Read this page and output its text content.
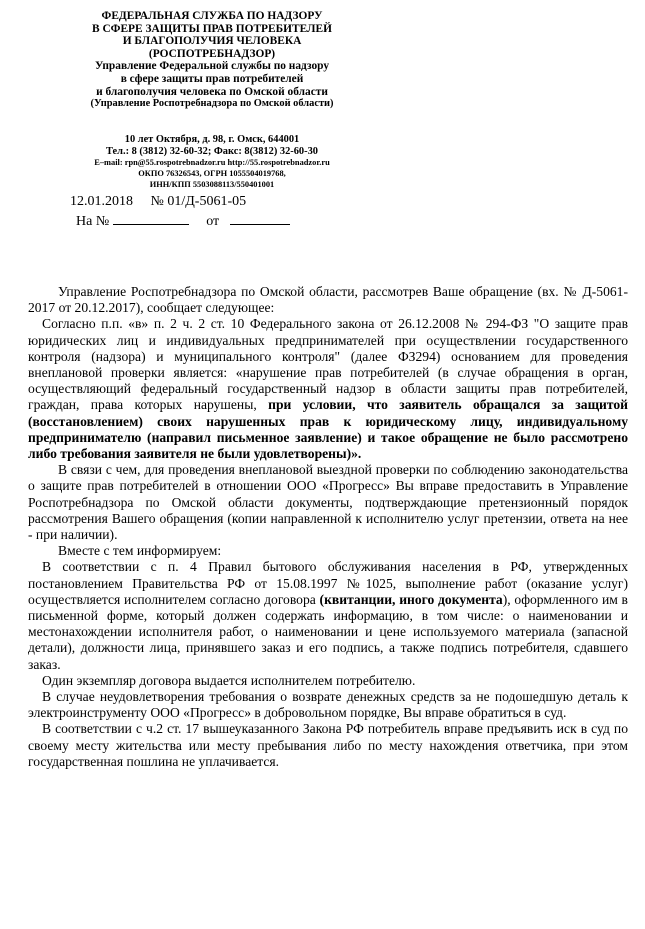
ФЕДЕРАЛЬНАЯ СЛУЖБА ПО НАДЗОРУ
В СФЕРЕ ЗАЩИТЫ ПРАВ ПОТРЕБИТЕЛЕЙ
И БЛАГОПОЛУЧИЯ ЧЕЛОВЕКА
(РОСПОТРЕБНАДЗОР)
Управление Федеральной службы по надзору
в сфере защиты прав потребителей
и благополучия человека по Омской области
(Управление Роспотребнадзора по Омской области)
10 лет Октября, д. 98, г. Омск, 644001
Тел.: 8 (3812) 32-60-32; Факс: 8(3812) 32-60-30
E–mail: rpn@55.rospotrebnadzor.ru http://55.rospotrebnadzor.ru
ОКПО 76326543, ОГРН 1055504019768,
ИНН/КПП 5503088113/550401001
12.01.2018 № 01/Д-5061-05
На №	от

Управление Роспотребнадзора по Омской области, рассмотрев Ваше обращение (вх. № Д-5061-2017 от 20.12.2017), сообщает следующее:

Согласно п.п. «в» п. 2 ч. 2 ст. 10 Федерального закона от 26.12.2008 № 294-ФЗ "О защите прав юридических лиц и индивидуальных предпринимателей при осуществлении государственного контроля (надзора) и муниципального контроля" (далее ФЗ294) основанием для проведения внеплановой проверки является: «нарушение прав потребителей (в случае обращения в орган, осуществляющий федеральный государственный надзор в области защиты прав потребителей, граждан, права которых нарушены, при условии, что заявитель обращался за защитой (восстановлением) своих нарушенных прав к юридическому лицу, индивидуальному предпринимателю (направил письменное заявление) и такое обращение не было рассмотрено либо требования заявителя не были удовлетворены)».

В связи с чем, для проведения внеплановой выездной проверки по соблюдению законодательства о защите прав потребителей в отношении ООО «Прогресс» Вы вправе предоставить в Управление Роспотребнадзора по Омской области документы, подтверждающие претензионный порядок рассмотрения Вашего обращения (копии направленной к исполнителю услуг претензии, ответа на нее - при наличии).

Вместе с тем информируем:

В соответствии с п. 4 Правил бытового обслуживания населения в РФ, утвержденных постановлением Правительства РФ от 15.08.1997 №1025, выполнение работ (оказание услуг) осуществляется исполнителем согласно договора (квитанции, иного документа), оформленного им в письменной форме, который должен содержать информацию, в том числе: о наименовании и местонахождении исполнителя работ, о наименовании и цене используемого материала (запасной детали), должности лица, принявшего заказ и его подпись, а также подпись потребителя, сдавшего заказ.

Один экземпляр договора выдается исполнителем потребителю.

В случае неудовлетворения требования о возврате денежных средств за не подошедшую деталь к электроинструменту ООО «Прогресс» в добровольном порядке, Вы вправе обратиться в суд.

В соответствии с ч.2 ст. 17 вышеуказанного Закона РФ потребитель вправе предъявить иск в суд по своему месту жительства или месту пребывания либо по месту нахождения ответчика, при этом государственная пошлина не уплачивается.
